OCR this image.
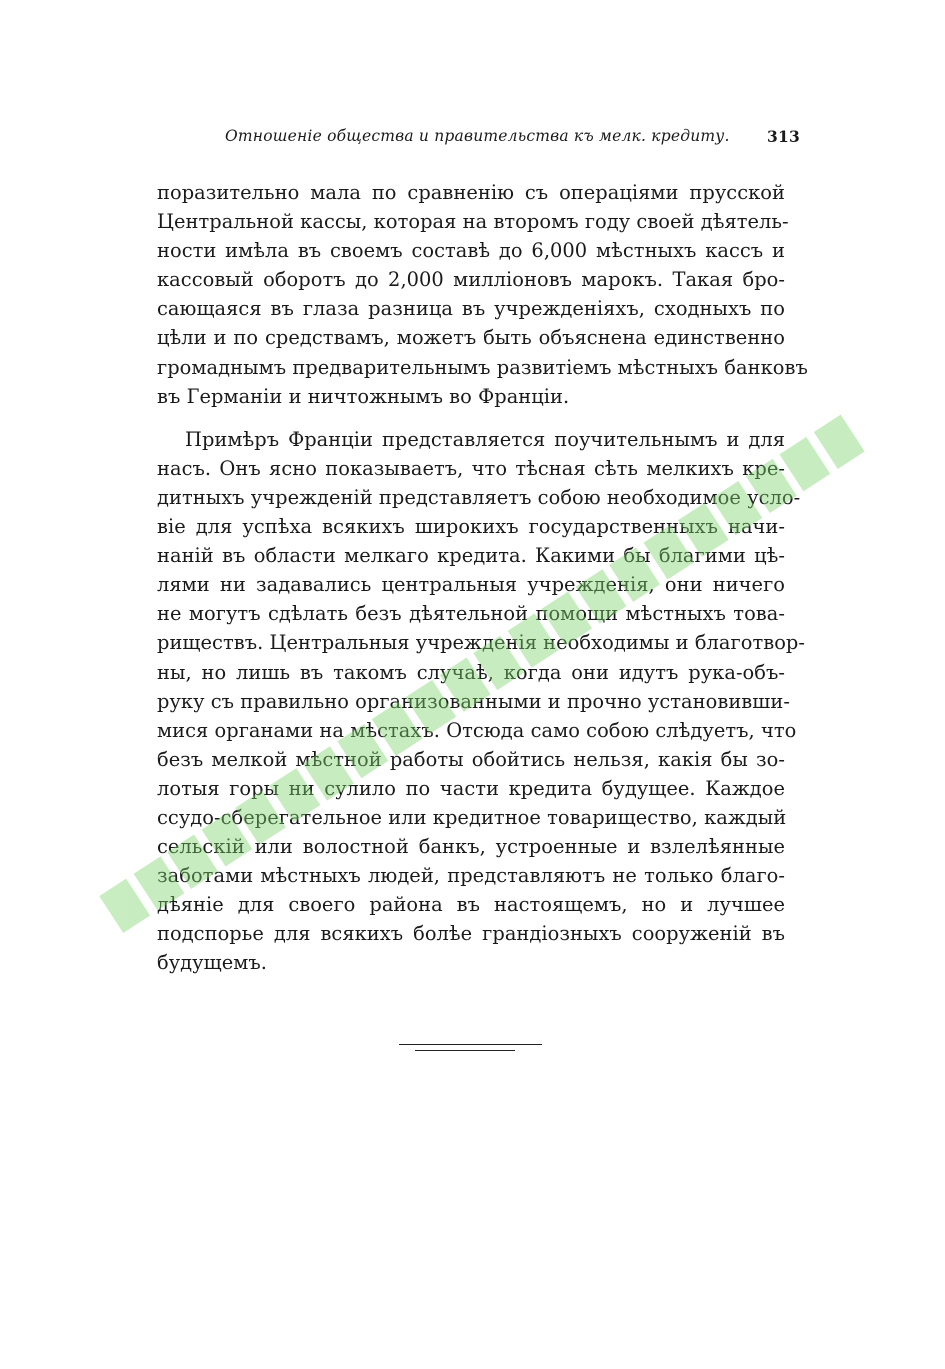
Отношеніе общества и правительства къ мелк. кредиту. 313
поразительно мала по сравненію съ операціями прусской
Центральной кассы, которая на второмъ году своей дѣятель-
ности имѣла въ своемъ составѣ до 6,000 мѣстныхъ кассъ и
кассовый оборотъ до 2,000 милліоновъ марокъ. Такая бро-
сающаяся въ глаза разница въ учрежденіяхъ, сходныхъ по
цѣли и по средствамъ, можетъ быть объяснена единственно
громаднымъ предварительнымъ развитіемъ мѣстныхъ банковъ
въ Германіи и ничтожнымъ во Франціи.
Примѣръ Франціи представляется поучительнымъ и для
насъ. Онъ ясно показываетъ, что тѣсная сѣть мелкихъ кре-
дитныхъ учрежденій представляетъ собою необходимое усло-
віе для успѣха всякихъ широкихъ государственныхъ начи-
наній въ области мелкаго кредита. Какими бы благими цѣ-
лями ни задавались центральныя учрежденія, они ничего
не могутъ сдѣлать безъ дѣятельной помощи мѣстныхъ това-
риществъ. Центральныя учрежденія необходимы и благотвор-
ны, но лишь въ такомъ случаѣ, когда они идутъ рука-объ-
руку съ правильно организованными и прочно установивши-
мися органами на мѣстахъ. Отсюда само собою слѣдуетъ, что
безъ мелкой мѣстной работы обойтись нельзя, какія бы зо-
лотыя горы ни сулило по части кредита будущее. Каждое
ссудо-сберегательное или кредитное товарищество, каждый
сельскій или волостной банкъ, устроенные и взлелѣянные
заботами мѣстныхъ людей, представляютъ не только благо-
дѣяніе для своего района въ настоящемъ, но и лучшее
подспорье для всякихъ болѣе грандіозныхъ сооруженій въ
будущемъ.
